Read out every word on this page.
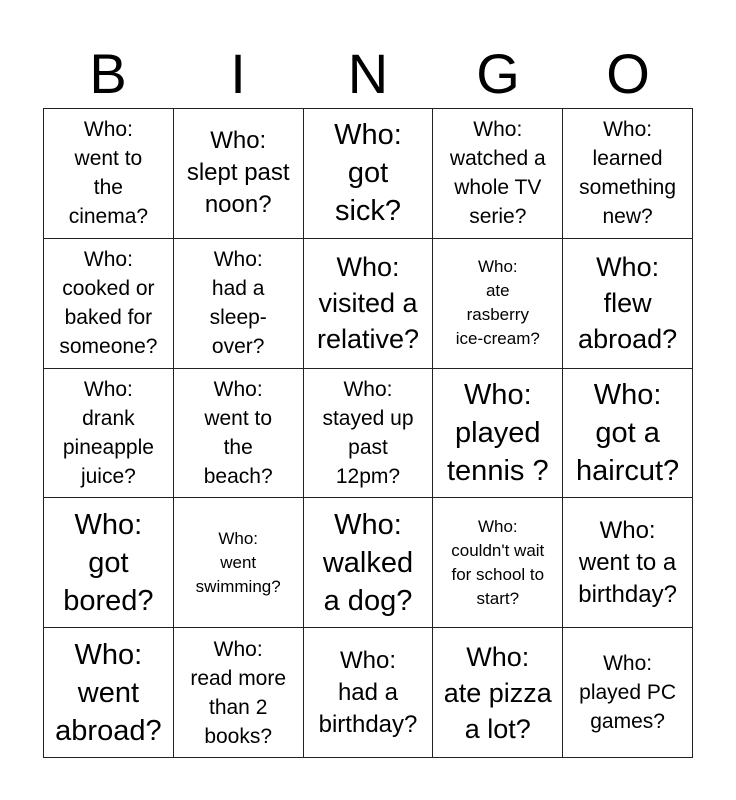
B	I	N	G	O
Who:
went to
the
cinema?
Who:
slept past
noon?
Who:
got
sick?
Who:
watched a
whole TV
serie?
Who:
learned
something
new?
Who:
cooked or
baked for
someone?
Who:
had a
sleep-
over?
Who:
visited a
relative?
Who:
ate
rasberry
ice-cream?
Who:
flew
abroad?
Who:
drank
pineapple
juice?
Who:
went to
the
beach?
Who:
stayed up
past
12pm?
Who:
played
tennis ?
Who:
got a
haircut?
Who:
got
bored?
Who:
went
swimming?
Who:
walked
a dog?
Who:
couldn't wait
for school to
start?
Who:
went to a
birthday?
Who:
went
abroad?
Who:
read more
than 2
books?
Who:
had a
birthday?
Who:
ate pizza
a lot?
Who:
played PC
games?
